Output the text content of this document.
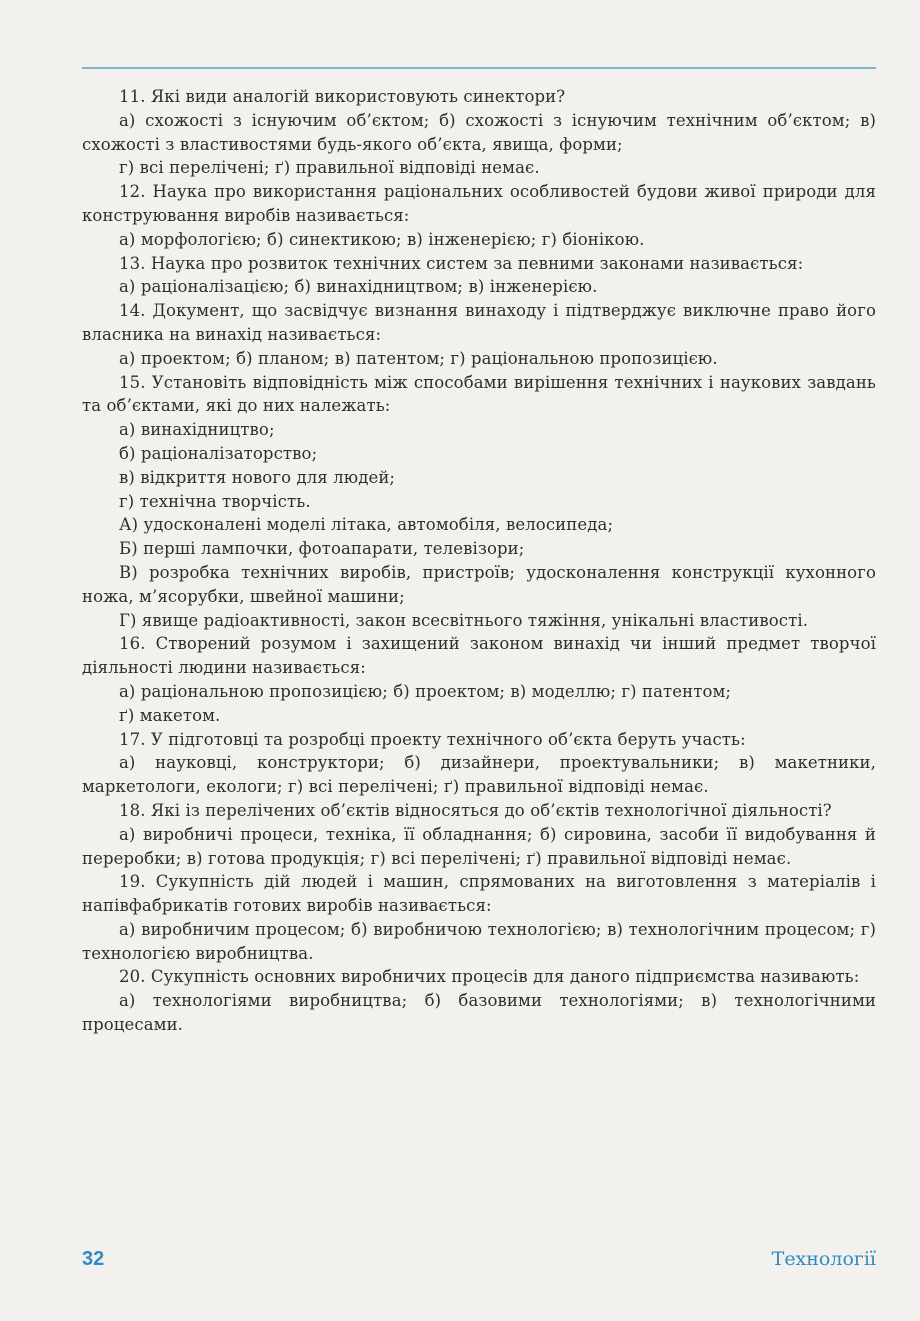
11. Які види аналогій використовують синектори?

а) схожості з існуючим об’єктом; б) схожості з існуючим технічним об’єктом; в) схожості з властивостями будь-якого об’єкта, явища, форми;

г) всі перелічені; ґ) правильної відповіді немає.

12. Наука про використання раціональних особливостей будови живої природи для конструювання виробів називається:

а) морфологією; б) синектикою; в) інженерією; г) біонікою.

13. Наука про розвиток технічних систем за певними законами називається:

а) раціоналізацією; б) винахідництвом; в) інженерією.

14. Документ, що засвідчує визнання винаходу і підтверджує виключне право його власника на винахід називається:

а) проектом; б) планом; в) патентом; г) раціональною пропозицією.

15. Установіть відповідність між способами вирішення технічних і наукових завдань та об’єктами, які до них належать:

а) винахідництво;

б) раціоналізаторство;

в) відкриття нового для людей;

г) технічна творчість.

А) удосконалені моделі літака, автомобіля, велосипеда;

Б) перші лампочки, фотоапарати, телевізори;

В) розробка технічних виробів, пристроїв; удосконалення конструкції кухонного ножа, м’ясорубки, швейної машини;

Г) явище радіоактивності, закон всесвітнього тяжіння, унікальні властивості.

16. Створений розумом і захищений законом винахід чи інший предмет творчої діяльності людини називається:

а) раціональною пропозицією; б) проектом; в) моделлю; г) патентом;

ґ) макетом.

17. У підготовці та розробці проекту технічного об’єкта беруть участь:

а) науковці, конструктори; б) дизайнери, проектувальники; в) макетники, маркетологи, екологи; г) всі перелічені; ґ) правильної відповіді немає.

18. Які із перелічених об’єктів відносяться до об’єктів технологічної діяльності?

а) виробничі процеси, техніка, її обладнання; б) сировина, засоби її видобування й переробки; в) готова продукція; г) всі перелічені; ґ) правильної відповіді немає.

19. Сукупність дій людей і машин, спрямованих на виготовлення з матеріалів і напівфабрикатів готових виробів називається:

а) виробничим процесом; б) виробничою технологією; в) технологічним процесом; г) технологією виробництва.

20. Сукупність основних виробничих процесів для даного підприємства називають:

а) технологіями виробництва; б) базовими технологіями; в) технологічними процесами.

32	Технології
